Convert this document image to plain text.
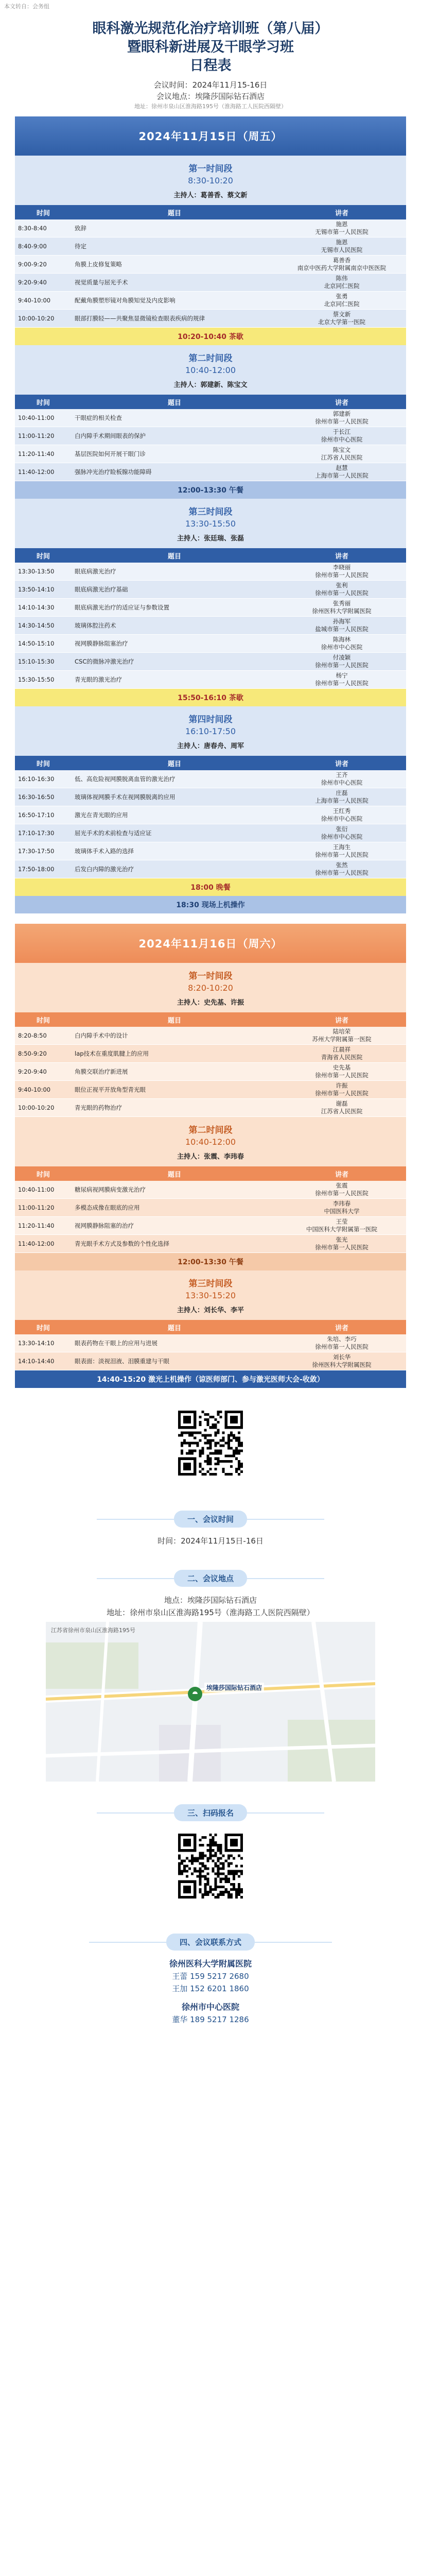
本文转自：会务组
眼科激光规范化治疗培训班（第八届）
暨眼科新进展及干眼学习班
日程表
会议时间：2024年11月15-16日
会议地点：埃隆莎国际钻石酒店
地址：徐州市泉山区淮海路195号（淮海路工人医院西隔壁）
2024年11月15日（周五）
第一时间段
8:30-10:20
主持人：葛善香、蔡文新
时间	题目	讲者
8:30-8:40	致辞	施恩
无锡市第一人民医院
8:40-9:00	待定	施恩
无锡市人民医院
9:00-9:20	角膜上皮修复策略	葛善香
南京中医药大学附属南京中医医院
9:20-9:40	视觉质量与屈光手术	陈伟
北京同仁医院
9:40-10:00	配戴角膜塑形镜对角膜知觉及内皮影响	张勇
北京同仁医院
10:00-10:20	眼部打膜轻——共聚焦显微镜检查眼表疾病的规律	蔡文新
北京大学第一医院
10:20-10:40 茶歇
第二时间段
10:40-12:00
主持人：郭建新、陈宝文
时间	题目	讲者
10:40-11:00	干眼症的相关检查	郭建新
徐州市第一人民医院
11:00-11:20	白内障手术期间眼表的保护	于长江
徐州市中心医院
11:20-11:40	基层医院如何开展干眼门诊	陈宝文
江苏省人民医院
11:40-12:00	强脉冲光治疗睑板腺功能障碍	赵慧
上海市第一人民医院
12:00-13:30 午餐
第三时间段
13:30-15:50
主持人：张廷瑞、张磊
时间	题目	讲者
13:30-13:50	眼底病激光治疗	李晓丽
徐州市第一人民医院
13:50-14:10	眼底病激光治疗基础	张利
徐州市第一人民医院
14:10-14:30	眼底病激光治疗的适应证与参数设置	张秀丽
徐州医科大学附属医院
14:30-14:50	玻璃体腔注药术	孙海军
盐城市第一人民医院
14:50-15:10	视网膜静脉阻塞治疗	陈海林
徐州市中心医院
15:10-15:30	CSC的微脉冲激光治疗	付凌颖
徐州市第一人民医院
15:30-15:50	青光眼的激光治疗	杨宁
徐州市第一人民医院
15:50-16:10 茶歇
第四时间段
16:10-17:50
主持人：唐春舟、周军
时间	题目	讲者
16:10-16:30	低、高危险视网膜脱离血管的激光治疗	王齐
徐州市中心医院
16:30-16:50	玻璃体视网膜手术在视网膜脱离的应用	庄磊
上海市第一人民医院
16:50-17:10	激光在青光眼的应用	王红秀
徐州市中心医院
17:10-17:30	屈光手术的术前检查与适应证	张衍
徐州市中心医院
17:30-17:50	玻璃体手术入路的选择	王海生
徐州市第一人民医院
17:50-18:00	后发白内障的激光治疗	张然
徐州市第一人民医院
18:00 晚餐
18:30 现场上机操作
2024年11月16日（周六）
第一时间段
8:20-10:20
主持人：史先基、许振
时间	题目	讲者
8:20-8:50	白内障手术中的设计	陆培荣
苏州大学附属第一医院
8:50-9:20	lap技术在重度肌腱上的应用	江晨祥
青海省人民医院
9:20-9:40	角膜交联治疗新进展	史先基
徐州市第一人民医院
9:40-10:00	眼位正视平开放角型青光眼	许振
徐州市第一人民医院
10:00-10:20	青光眼的药物治疗	谢磊
江苏省人民医院
第二时间段
10:40-12:00
主持人：张震、李玮春
时间	题目	讲者
10:40-11:00	糖尿病视网膜病变激光治疗	张震
徐州市第一人民医院
11:00-11:20	多模态成像在眼底的应用	李玮春
中国医科大学
11:20-11:40	视网膜静脉阻塞的治疗	王莹
中国医科大学附属第一医院
11:40-12:00	青光眼手术方式及参数的个性化选择	张光
徐州市第一人民医院
12:00-13:30 午餐
第三时间段
13:30-15:20
主持人：刘长华、李平
时间	题目	讲者
13:30-14:10	眼表药物在干眼上的应用与进展	朱培、李巧
徐州市第一人民医院
14:10-14:40	眼表面：淡视泪液、泪膜重建与干眼	刘长华
徐州医科大学附属医院
14:40-15:20 激光上机操作（谅医师部门、参与激光医师大会-收敛）
一、会议时间
时间：2024年11月15日-16日
二、会议地点
地点：埃隆莎国际钻石酒店
地址：徐州市泉山区淮海路195号（淮海路工人医院西隔壁）
埃隆莎国际钻石酒店
江苏省徐州市泉山区淮海路195号
三、扫码报名
四、会议联系方式
徐州医科大学附属医院
王蕾 159 5217 2680
王加 152 6201 1860
徐州市中心医院
董华 189 5217 1286
